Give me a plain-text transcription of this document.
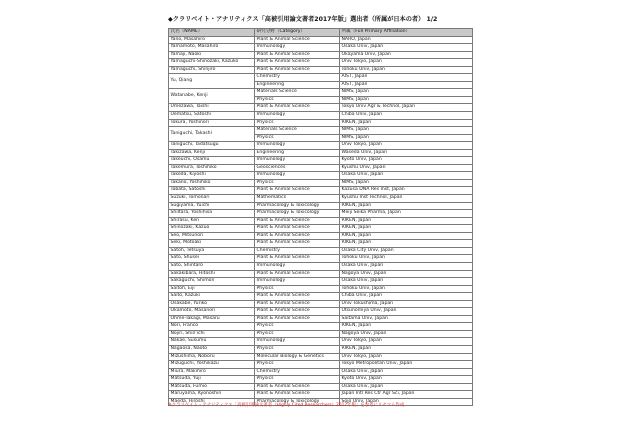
◆クラリベイト・アナリティクス「高被引用論文著者2017年版」選出者（所属が日本の者） 1/2
氏名（NAME）	研究分野（Category）	所属（Full Primary Affiliation）
Yano, Masahiro	Plant & Animal Science	NARO, Japan
Yamamoto, Masahiro	Immunology	Osaka Univ, Japan
Yamaji, Naoki	Plant & Animal Science	Okayama Univ, Japan
Yamaguchi-Shinozaki, Kazuko	Plant & Animal Science	Univ Tokyo, Japan
Yamaguchi, Shinjiro	Plant & Animal Science	Tohoku Univ, Japan
Yu, Qiang	Chemistry	AIST, Japan
	Engineering	AIST, Japan
Watanabe, Kenji	Materials Science	NIMS, Japan
	Physics	NIMS, Japan
Umezawa, Taishi	Plant & Animal Science	Tokyo Univ Agr & Technol, Japan
Uematsu, Satoshi	Immunology	Chiba Univ, Japan
Tokura, Yoshinori	Physics	RIKEN, Japan
Taniguchi, Takashi	Materials Science	NIMS, Japan
	Physics	NIMS, Japan
Taniguchi, Tadatsugu	Immunology	Univ Tokyo, Japan
Takizawa, Kenji	Engineering	Waseda Univ, Japan
Takeuchi, Osamu	Immunology	Kyoto Univ, Japan
Takemura, Toshihiko	Geosciences	Kyushu Univ, Japan
Takeda, Kiyoshi	Immunology	Osaka Univ, Japan
Takano, Yoshihiko	Physics	NIMS, Japan
Tabata, Satoshi	Plant & Animal Science	Kazusa DNA Res Inst, Japan
Suzuki, Tomonari	Mathematics	Kyushu Inst Technol, Japan
Sugiyama, Yuichi	Pharmacology & Toxicology	RIKEN, Japan
Shiltara, Yoshihisa	Pharmacology & Toxicology	Meiji Seika Pharma, Japan
Shirasu, Ken	Plant & Animal Science	RIKEN, Japan
Shinozaki, Kazuo	Plant & Animal Science	RIKEN, Japan
Seo, Mitsunori	Plant & Animal Science	RIKEN, Japan
Seki, Motoaki	Plant & Animal Science	RIKEN, Japan
Satoh, Tetsuya	Chemistry	Osaka City Univ, Japan
Sato, Shusei	Plant & Animal Science	Tohoku Univ, Japan
Sato, Shintaro	Immunology	Osaka Univ, Japan
Sakakibara, Hitoshi	Plant & Animal Science	Nagoya Univ, Japan
Sakaguchi, Shimon	Immunology	Osaka Univ, Japan
Saitoh, Eiji	Physics	Tohoku Univ, Japan
Saito, Kazuki	Plant & Animal Science	Chiba Univ, Japan
Osakabe, Yuriko	Plant & Animal Science	Univ Tokushima, Japan
Okamoto, Masanori	Plant & Animal Science	Utsunomiya Univ, Japan
Ohme-Takagi, Masaru	Plant & Animal Science	Saitama Univ, Japan
Nori, Franco	Physics	RIKEN, Japan
Nojiri, Shin'ichi	Physics	Nagoya Univ, Japan
Nakae, Susumu	Immunology	Univ Tokyo, Japan
Nagaosa, Naoto	Physics	RIKEN, Japan
Mizushima, Noboru	Molecular Biology & Genetics	Univ Tokyo, Japan
Mizuguchi, Yoshikazu	Physics	Tokyo Metropolitan Univ, Japan
Miura, Makihiro	Chemistry	Osaka Univ, Japan
Matsuda, Yuji	Physics	Kyoto Univ, Japan
Matsuda, Fumio	Plant & Animal Science	Osaka Univ, Japan
Maruyama, Kyonoshin	Plant & Animal Science	Japan Intl Res Ctr Agr Sci, Japan
Maeda, Hiroshi	Pharmacology & Toxicology	Sojo Univ, Japan
※クラリベイト・アナリティクス「高被引用論文著者（Highly Cited Researchers）2017年版」を参考にリセマム作成
